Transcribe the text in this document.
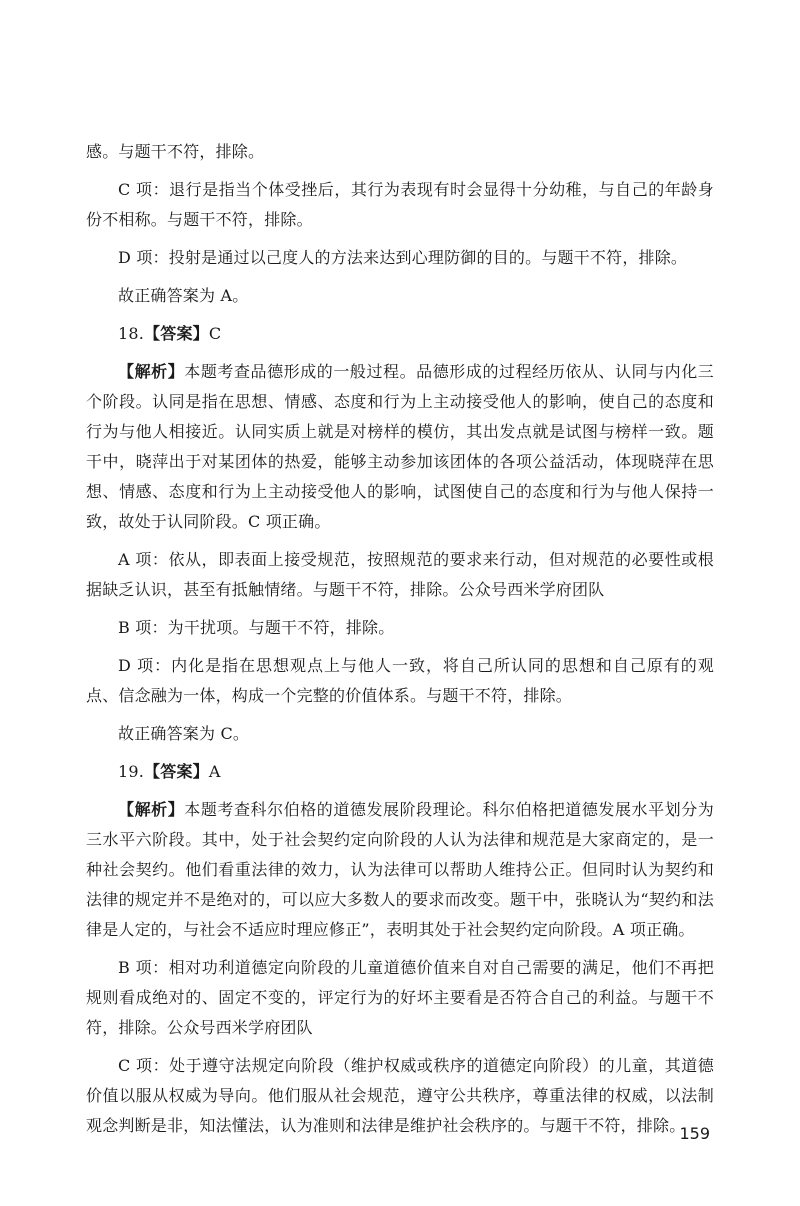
感。与题干不符，排除。

C 项：退行是指当个体受挫后，其行为表现有时会显得十分幼稚，与自己的年龄身份不相称。与题干不符，排除。

D 项：投射是通过以己度人的方法来达到心理防御的目的。与题干不符，排除。

故正确答案为 A。

18.【答案】C

【解析】本题考查品德形成的一般过程。品德形成的过程经历依从、认同与内化三个阶段。认同是指在思想、情感、态度和行为上主动接受他人的影响，使自己的态度和行为与他人相接近。认同实质上就是对榜样的模仿，其出发点就是试图与榜样一致。题干中，晓萍出于对某团体的热爱，能够主动参加该团体的各项公益活动，体现晓萍在思想、情感、态度和行为上主动接受他人的影响，试图使自己的态度和行为与他人保持一致，故处于认同阶段。C 项正确。

A 项：依从，即表面上接受规范，按照规范的要求来行动，但对规范的必要性或根据缺乏认识，甚至有抵触情绪。与题干不符，排除。公众号西米学府团队

B 项：为干扰项。与题干不符，排除。

D 项：内化是指在思想观点上与他人一致，将自己所认同的思想和自己原有的观点、信念融为一体，构成一个完整的价值体系。与题干不符，排除。

故正确答案为 C。

19.【答案】A

【解析】本题考查科尔伯格的道德发展阶段理论。科尔伯格把道德发展水平划分为三水平六阶段。其中，处于社会契约定向阶段的人认为法律和规范是大家商定的，是一种社会契约。他们看重法律的效力，认为法律可以帮助人维持公正。但同时认为契约和法律的规定并不是绝对的，可以应大多数人的要求而改变。题干中，张晓认为“契约和法律是人定的，与社会不适应时理应修正”，表明其处于社会契约定向阶段。A 项正确。

B 项：相对功利道德定向阶段的儿童道德价值来自对自己需要的满足，他们不再把规则看成绝对的、固定不变的，评定行为的好坏主要看是否符合自己的利益。与题干不符，排除。公众号西米学府团队

C 项：处于遵守法规定向阶段（维护权威或秩序的道德定向阶段）的儿童，其道德价值以服从权威为导向。他们服从社会规范，遵守公共秩序，尊重法律的权威，以法制观念判断是非，知法懂法，认为准则和法律是维护社会秩序的。与题干不符，排除。

159
